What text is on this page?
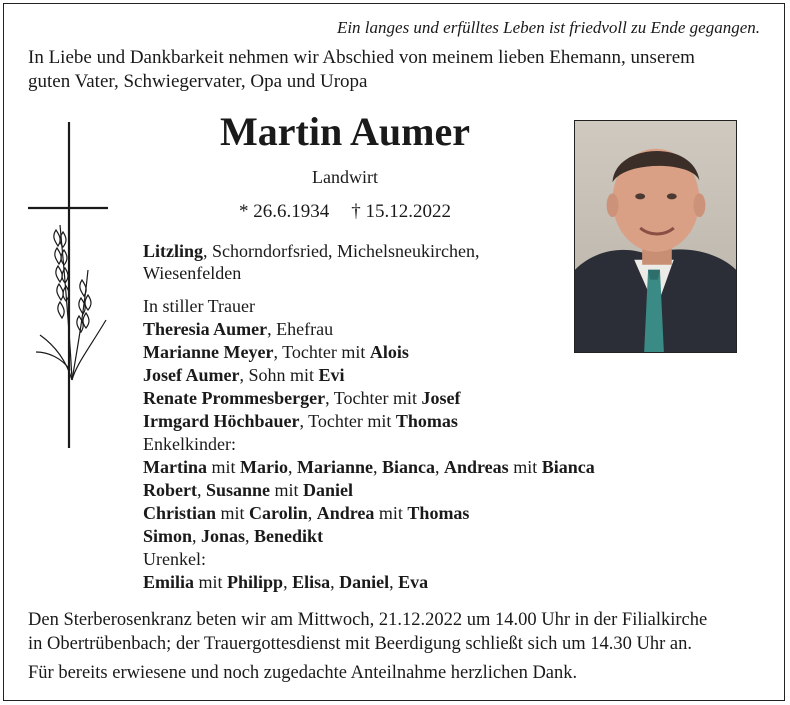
Ein langes und erfülltes Leben ist friedvoll zu Ende gegangen.
In Liebe und Dankbarkeit nehmen wir Abschied von meinem lieben Ehemann, unserem
guten Vater, Schwiegervater, Opa und Uropa
Martin Aumer
Landwirt
* 26.6.1934 † 15.12.2022
Litzling, Schorndorfsried, Michelsneukirchen,
Wiesenfelden
In stiller Trauer
Theresia Aumer, Ehefrau
Marianne Meyer, Tochter mit Alois
Josef Aumer, Sohn mit Evi
Renate Prommesberger, Tochter mit Josef
Irmgard Höchbauer, Tochter mit Thomas
Enkelkinder:
Martina mit Mario, Marianne, Bianca, Andreas mit Bianca
Robert, Susanne mit Daniel
Christian mit Carolin, Andrea mit Thomas
Simon, Jonas, Benedikt
Urenkel:
Emilia mit Philipp, Elisa, Daniel, Eva
Den Sterberosenkranz beten wir am Mittwoch, 21.12.2022 um 14.00 Uhr in der Filialkirche
in Obertrübenbach; der Trauergottesdienst mit Beerdigung schließt sich um 14.30 Uhr an.
Für bereits erwiesene und noch zugedachte Anteilnahme herzlichen Dank.
